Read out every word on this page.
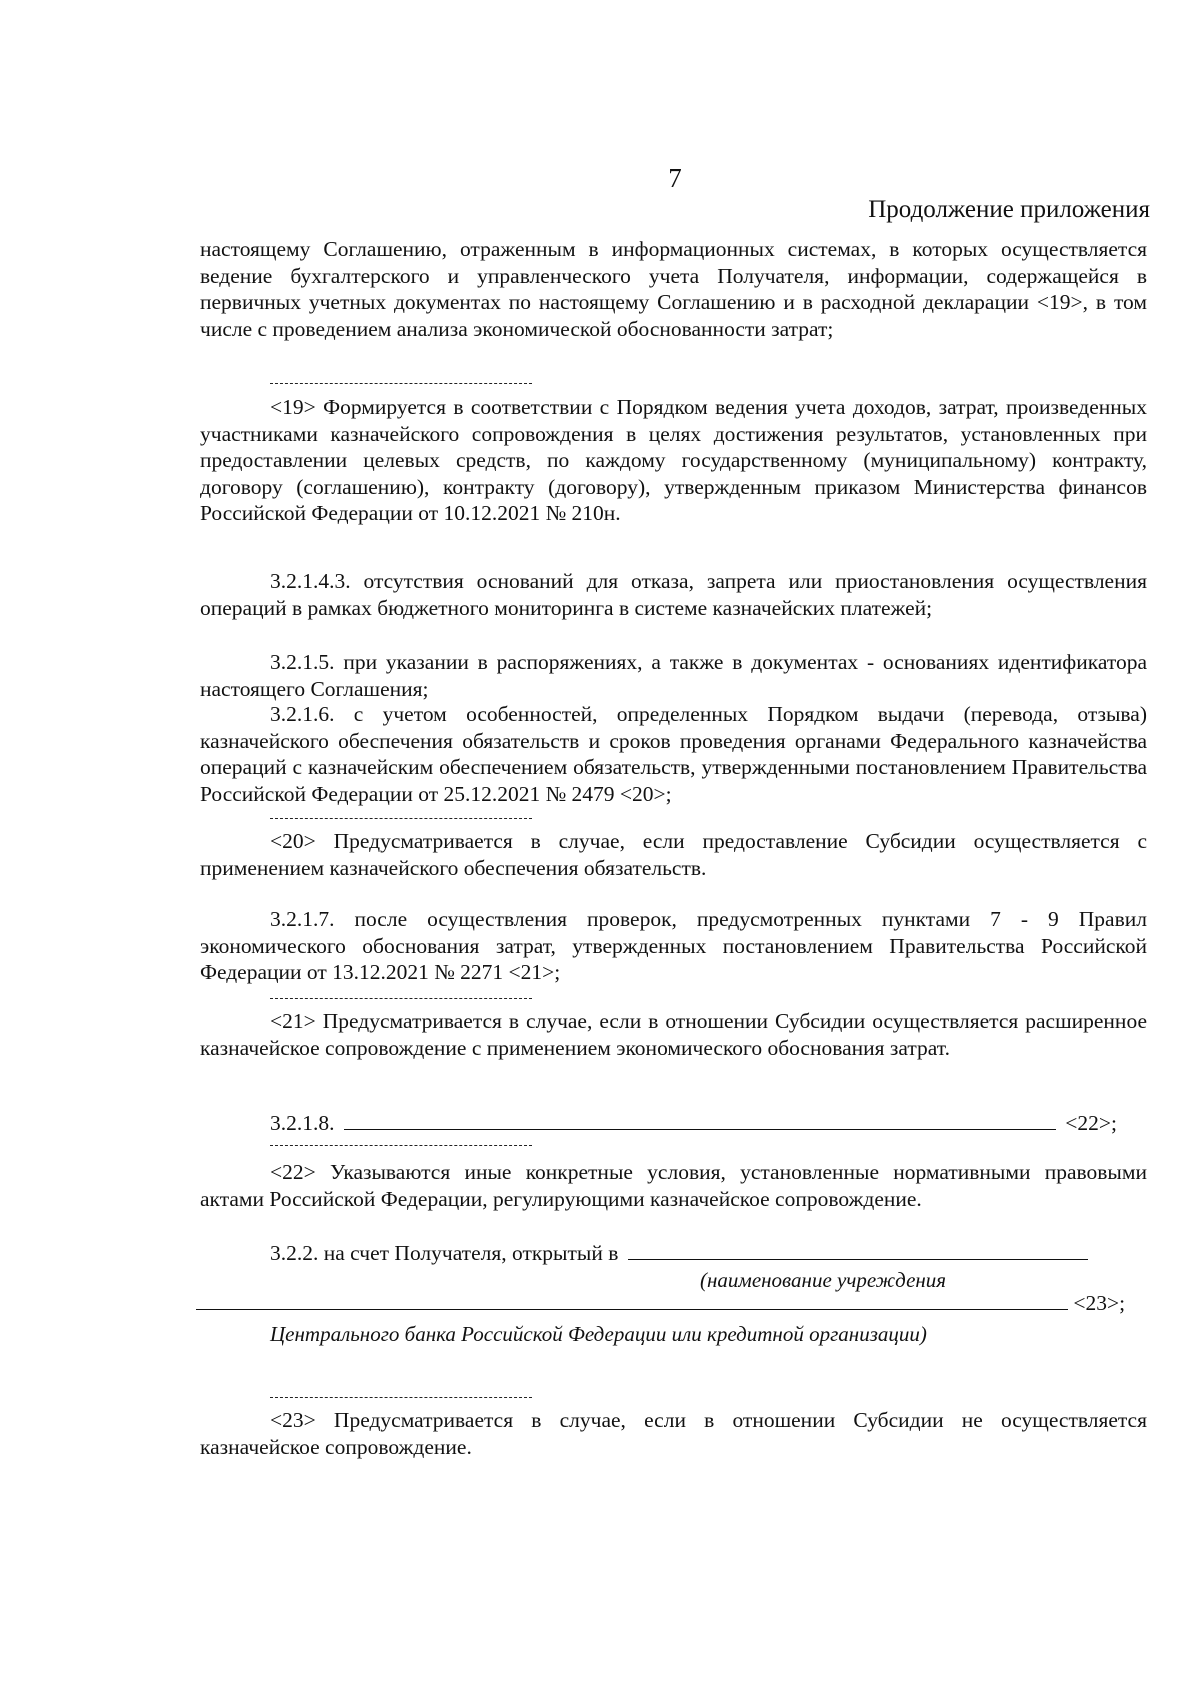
7
Продолжение приложения
настоящему Соглашению, отраженным в информационных системах, в которых осуществляется ведение бухгалтерского и управленческого учета Получателя, информации, содержащейся в первичных учетных документах по настоящему Соглашению и в расходной декларации <19>, в том числе с проведением анализа экономической обоснованности затрат;
<19> Формируется в соответствии с Порядком ведения учета доходов, затрат, произведенных участниками казначейского сопровождения в целях достижения результатов, установленных при предоставлении целевых средств, по каждому государственному (муниципальному) контракту, договору (соглашению), контракту (договору), утвержденным приказом Министерства финансов Российской Федерации от 10.12.2021 № 210н.
3.2.1.4.3. отсутствия оснований для отказа, запрета или приостановления осуществления операций в рамках бюджетного мониторинга в системе казначейских платежей;
3.2.1.5. при указании в распоряжениях, а также в документах - основаниях идентификатора настоящего Соглашения;
3.2.1.6. с учетом особенностей, определенных Порядком выдачи (перевода, отзыва) казначейского обеспечения обязательств и сроков проведения органами Федерального казначейства операций с казначейским обеспечением обязательств, утвержденными постановлением Правительства Российской Федерации от 25.12.2021 № 2479 <20>;
<20> Предусматривается в случае, если предоставление Субсидии осуществляется с применением казначейского обеспечения обязательств.
3.2.1.7. после осуществления проверок, предусмотренных пунктами 7 - 9 Правил экономического обоснования затрат, утвержденных постановлением Правительства Российской Федерации от 13.12.2021 № 2271 <21>;
<21> Предусматривается в случае, если в отношении Субсидии осуществляется расширенное казначейское сопровождение с применением экономического обоснования затрат.
3.2.1.8.	<22>;
<22> Указываются иные конкретные условия, установленные нормативными правовыми актами Российской Федерации, регулирующими казначейское сопровождение.
3.2.2. на счет Получателя, открытый в
(наименование учреждения
<23>;
Центрального банка Российской Федерации или кредитной организации)
<23> Предусматривается в случае, если в отношении Субсидии не осуществляется казначейское сопровождение.
